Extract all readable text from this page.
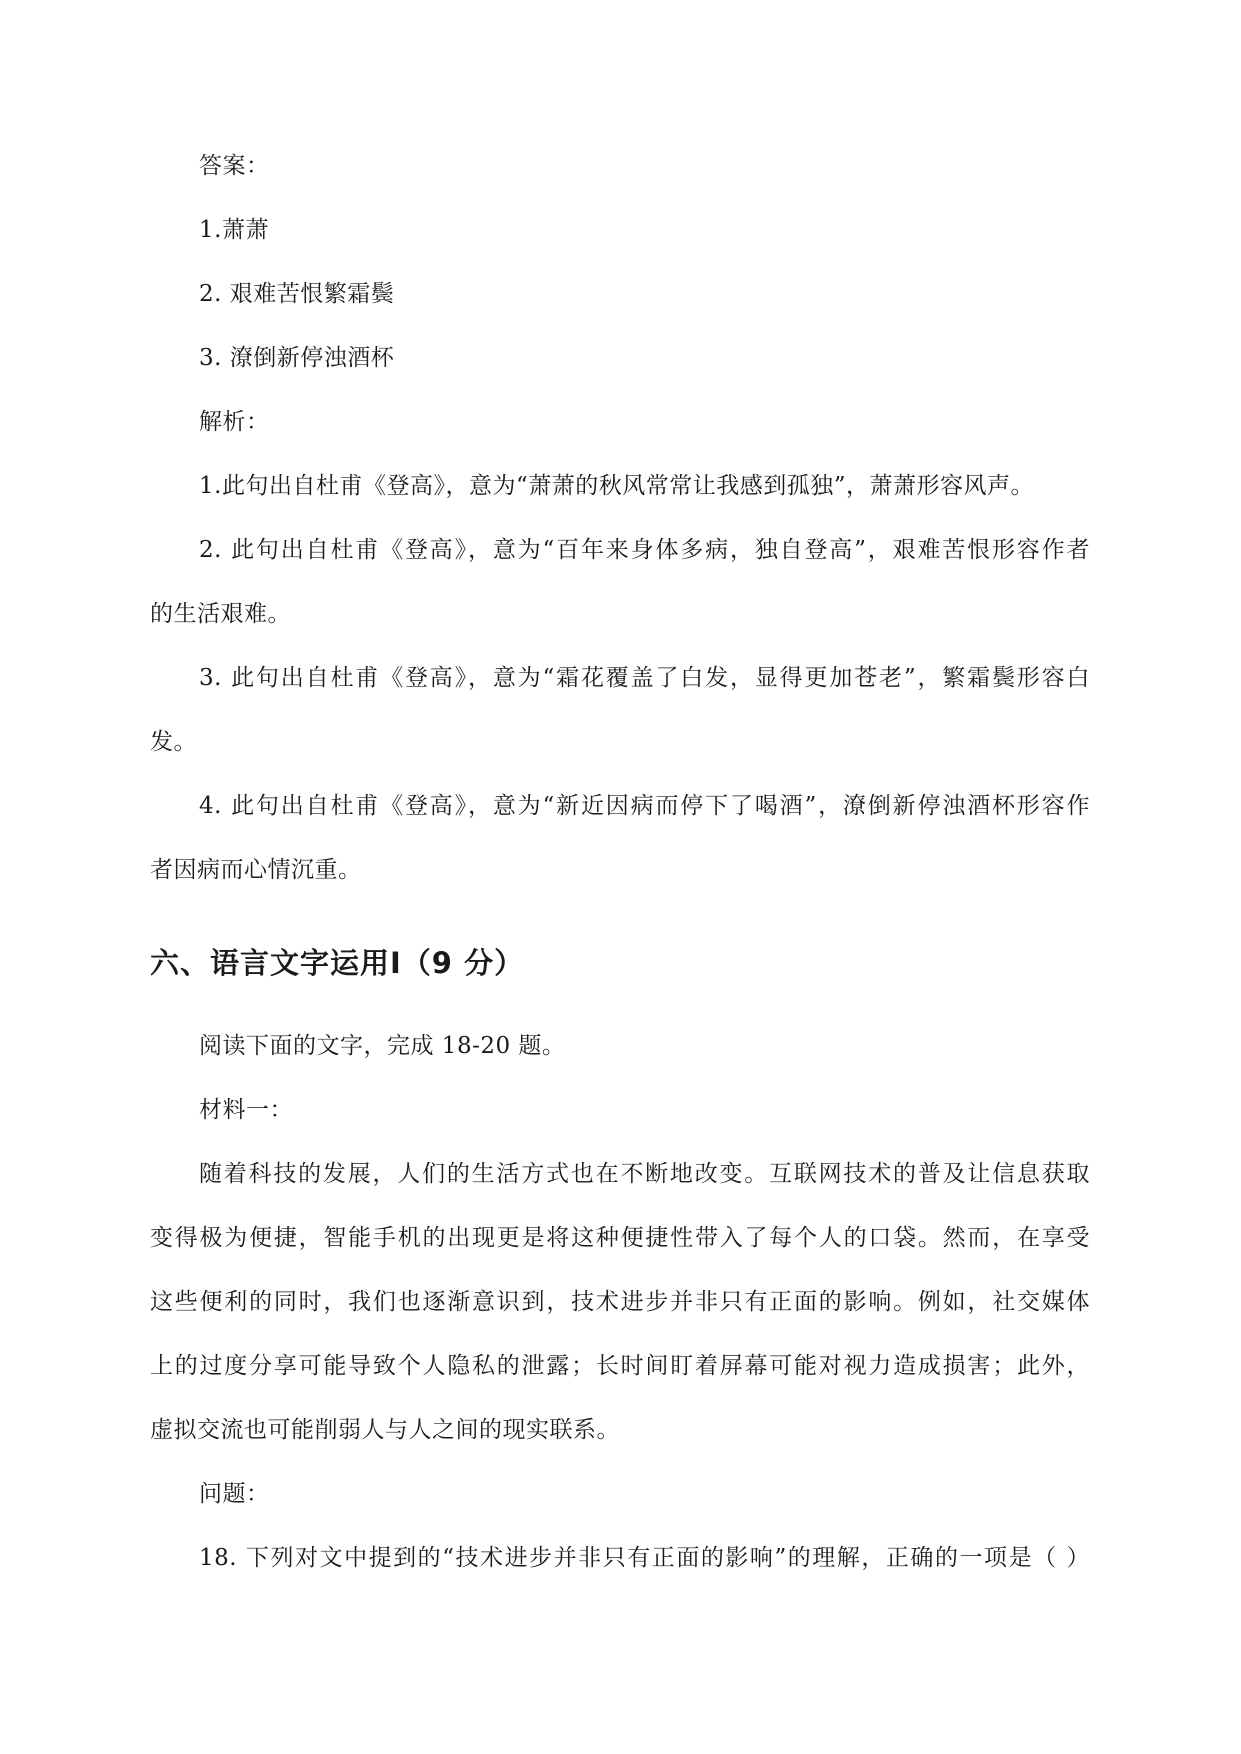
答案：
1.萧萧
2. 艰难苦恨繁霜鬓
3. 潦倒新停浊酒杯
解析：
1.此句出自杜甫《登高》，意为“萧萧的秋风常常让我感到孤独”，萧萧形容风声。
2. 此句出自杜甫《登高》，意为“百年来身体多病，独自登高”，艰难苦恨形容作者
的生活艰难。
3. 此句出自杜甫《登高》，意为“霜花覆盖了白发，显得更加苍老”，繁霜鬓形容白
发。
4. 此句出自杜甫《登高》，意为“新近因病而停下了喝酒”，潦倒新停浊酒杯形容作
者因病而心情沉重。
六、语言文字运用Ⅰ（9 分）
阅读下面的文字，完成 18-20 题。
材料一：
随着科技的发展，人们的生活方式也在不断地改变。互联网技术的普及让信息获取
变得极为便捷，智能手机的出现更是将这种便捷性带入了每个人的口袋。然而，在享受
这些便利的同时，我们也逐渐意识到，技术进步并非只有正面的影响。例如，社交媒体
上的过度分享可能导致个人隐私的泄露；长时间盯着屏幕可能对视力造成损害；此外，
虚拟交流也可能削弱人与人之间的现实联系。
问题：
18. 下列对文中提到的“技术进步并非只有正面的影响”的理解，正确的一项是（ ）
